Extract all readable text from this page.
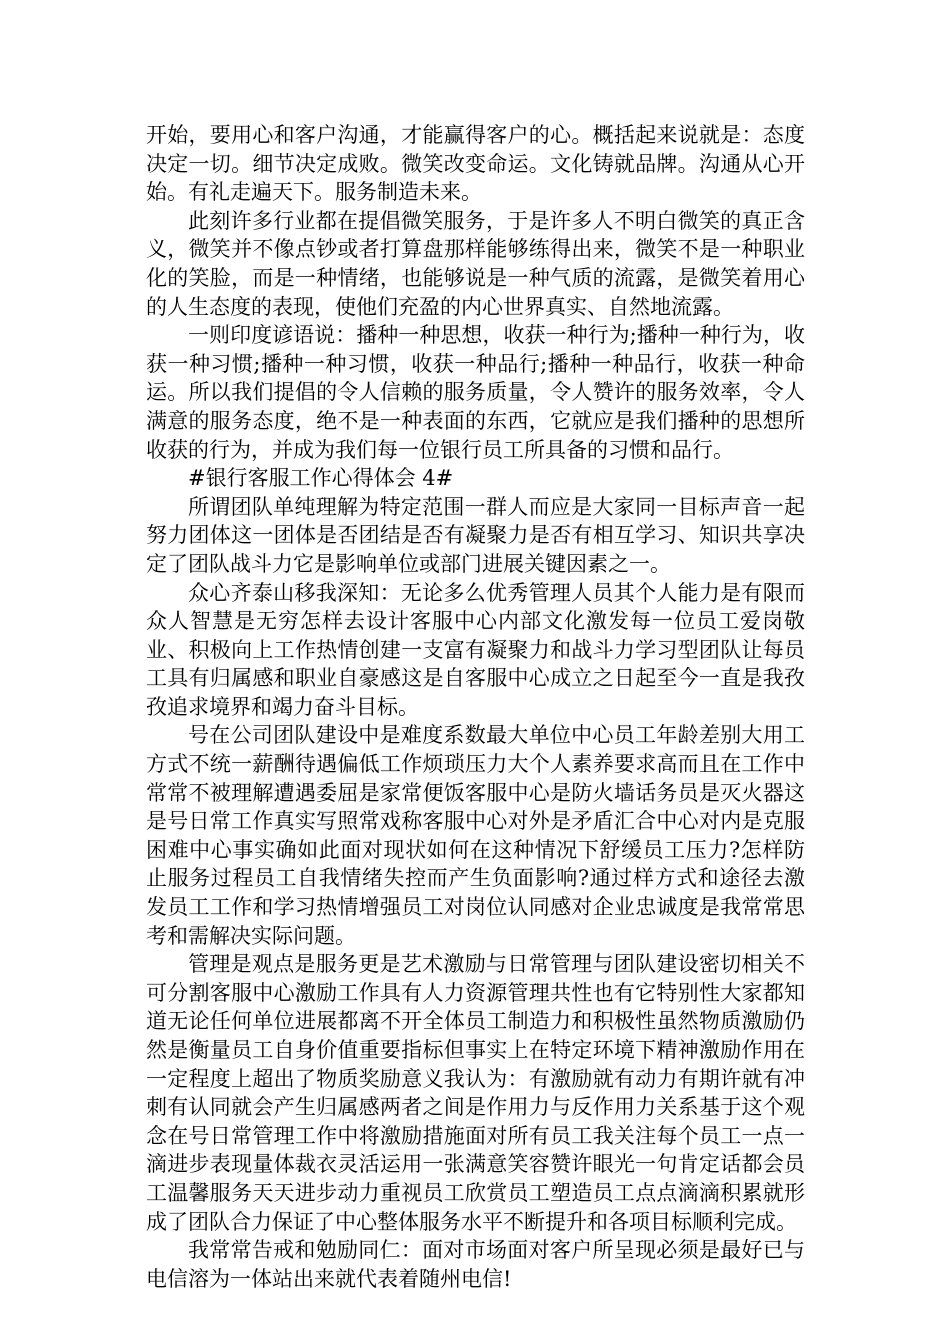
开始，要用心和客户沟通，才能赢得客户的心。概括起来说就是：态度决定一切。细节决定成败。微笑改变命运。文化铸就品牌。沟通从心开始。有礼走遍天下。服务制造未来。

此刻许多行业都在提倡微笑服务，于是许多人不明白微笑的真正含义，微笑并不像点钞或者打算盘那样能够练得出来，微笑不是一种职业化的笑脸，而是一种情绪，也能够说是一种气质的流露，是微笑着用心的人生态度的表现，使他们充盈的内心世界真实、自然地流露。

一则印度谚语说：播种一种思想，收获一种行为;播种一种行为，收获一种习惯;播种一种习惯，收获一种品行;播种一种品行，收获一种命运。所以我们提倡的令人信赖的服务质量，令人赞许的服务效率，令人满意的服务态度，绝不是一种表面的东西，它就应是我们播种的思想所收获的行为，并成为我们每一位银行员工所具备的习惯和品行。

#银行客服工作心得体会 4#

所谓团队单纯理解为特定范围一群人而应是大家同一目标声音一起努力团体这一团体是否团结是否有凝聚力是否有相互学习、知识共享决定了团队战斗力它是影响单位或部门进展关键因素之一。

众心齐泰山移我深知：无论多么优秀管理人员其个人能力是有限而众人智慧是无穷怎样去设计客服中心内部文化激发每一位员工爱岗敬业、积极向上工作热情创建一支富有凝聚力和战斗力学习型团队让每员工具有归属感和职业自豪感这是自客服中心成立之日起至今一直是我孜孜追求境界和竭力奋斗目标。

号在公司团队建设中是难度系数最大单位中心员工年龄差别大用工方式不统一薪酬待遇偏低工作烦琐压力大个人素养要求高而且在工作中常常不被理解遭遇委屈是家常便饭客服中心是防火墙话务员是灭火器这是号日常工作真实写照常戏称客服中心对外是矛盾汇合中心对内是克服困难中心事实确如此面对现状如何在这种情况下舒缓员工压力?怎样防止服务过程员工自我情绪失控而产生负面影响?通过样方式和途径去激发员工工作和学习热情增强员工对岗位认同感对企业忠诚度是我常常思考和需解决实际问题。

管理是观点是服务更是艺术激励与日常管理与团队建设密切相关不可分割客服中心激励工作具有人力资源管理共性也有它特别性大家都知道无论任何单位进展都离不开全体员工制造力和积极性虽然物质激励仍然是衡量员工自身价值重要指标但事实上在特定环境下精神激励作用在一定程度上超出了物质奖励意义我认为：有激励就有动力有期许就有冲刺有认同就会产生归属感两者之间是作用力与反作用力关系基于这个观念在号日常管理工作中将激励措施面对所有员工我关注每个员工一点一滴进步表现量体裁衣灵活运用一张满意笑容赞许眼光一句肯定话都会员工温馨服务天天进步动力重视员工欣赏员工塑造员工点点滴滴积累就形成了团队合力保证了中心整体服务水平不断提升和各项目标顺利完成。

我常常告戒和勉励同仁：面对市场面对客户所呈现必须是最好已与电信溶为一体站出来就代表着随州电信!
